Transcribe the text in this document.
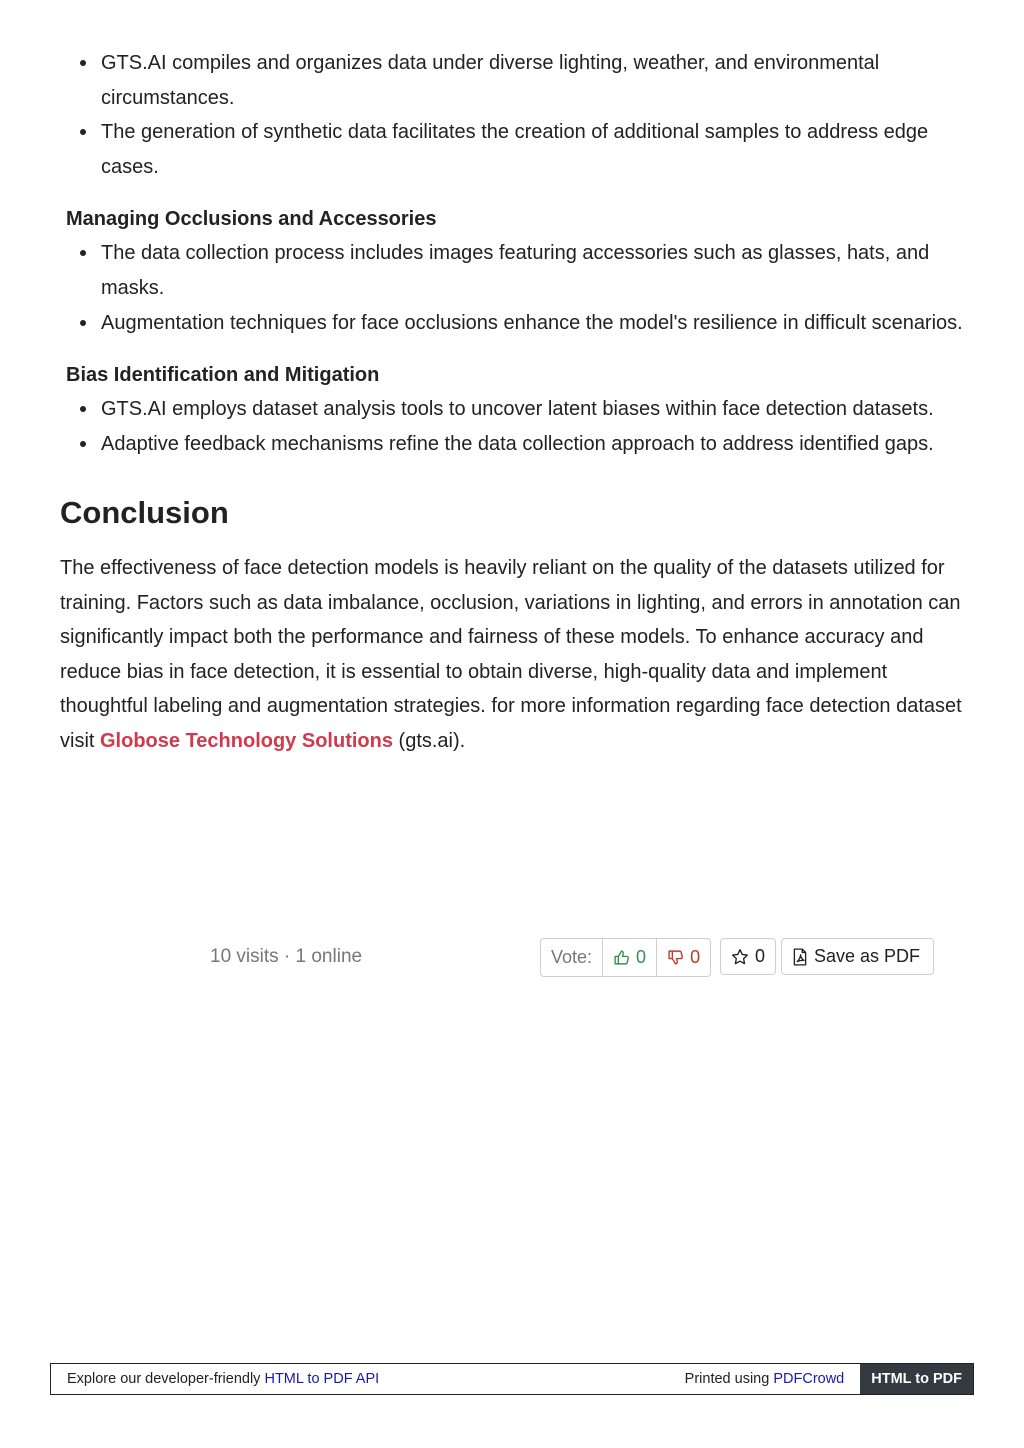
GTS.AI compiles and organizes data under diverse lighting, weather, and environmental circumstances.
The generation of synthetic data facilitates the creation of additional samples to address edge cases.
Managing Occlusions and Accessories
The data collection process includes images featuring accessories such as glasses, hats, and masks.
Augmentation techniques for face occlusions enhance the model's resilience in difficult scenarios.
Bias Identification and Mitigation
GTS.AI employs dataset analysis tools to uncover latent biases within face detection datasets.
Adaptive feedback mechanisms refine the data collection approach to address identified gaps.
Conclusion

The effectiveness of face detection models is heavily reliant on the quality of the datasets utilized for training. Factors such as data imbalance, occlusion, variations in lighting, and errors in annotation can significantly impact both the performance and fairness of these models. To enhance accuracy and reduce bias in face detection, it is essential to obtain diverse, high-quality data and implement thoughtful labeling and augmentation strategies. for more information regarding face detection dataset visit Globose Technology Solutions (gts.ai).

10 visits · 1 online	Vote:	0 0	0	Save as PDF
Explore our developer-friendly HTML to PDF API	Printed using PDFCrowd	HTML to PDF
